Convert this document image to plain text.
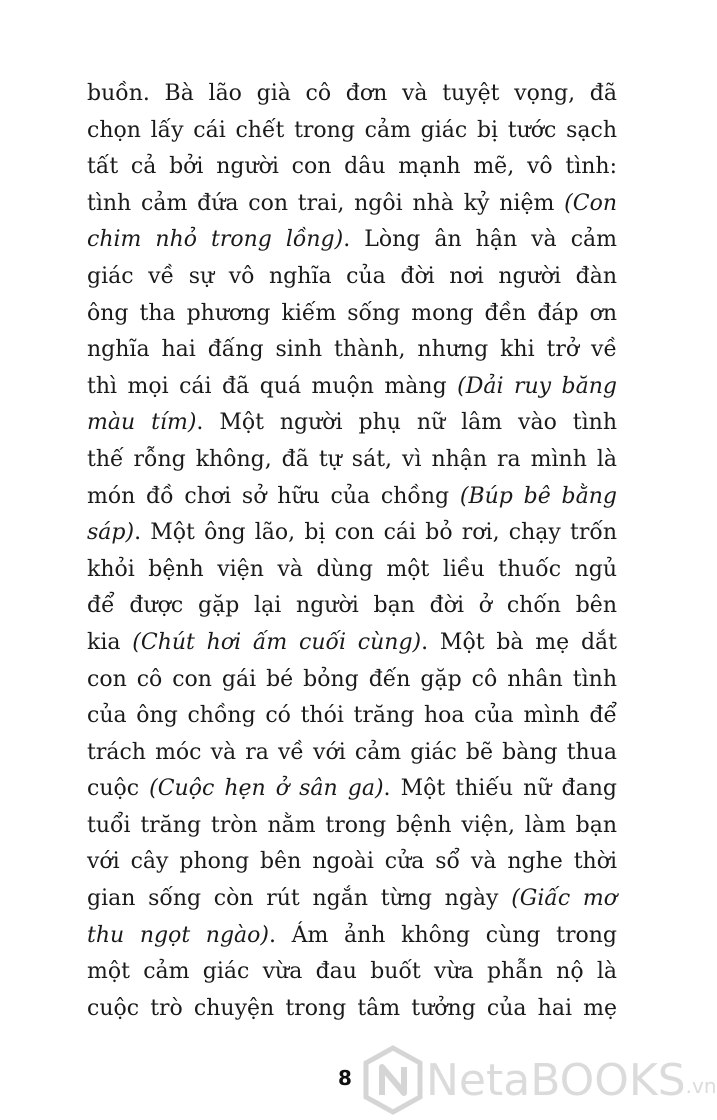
buồn. Bà lão già cô đơn và tuyệt vọng, đã
chọn lấy cái chết trong cảm giác bị tước sạch
tất cả bởi người con dâu mạnh mẽ, vô tình:
tình cảm đứa con trai, ngôi nhà kỷ niệm (Con
chim nhỏ trong lồng). Lòng ân hận và cảm
giác về sự vô nghĩa của đời nơi người đàn
ông tha phương kiếm sống mong đền đáp ơn
nghĩa hai đấng sinh thành, nhưng khi trở về
thì mọi cái đã quá muộn màng (Dải ruy băng
màu tím). Một người phụ nữ lâm vào tình
thế rỗng không, đã tự sát, vì nhận ra mình là
món đồ chơi sở hữu của chồng (Búp bê bằng
sáp). Một ông lão, bị con cái bỏ rơi, chạy trốn
khỏi bệnh viện và dùng một liều thuốc ngủ
để được gặp lại người bạn đời ở chốn bên
kia (Chút hơi ấm cuối cùng). Một bà mẹ dắt
con cô con gái bé bỏng đến gặp cô nhân tình
của ông chồng có thói trăng hoa của mình để
trách móc và ra về với cảm giác bẽ bàng thua
cuộc (Cuộc hẹn ở sân ga). Một thiếu nữ đang
tuổi trăng tròn nằm trong bệnh viện, làm bạn
với cây phong bên ngoài cửa sổ và nghe thời
gian sống còn rút ngắn từng ngày (Giấc mơ
thu ngọt ngào). Ám ảnh không cùng trong
một cảm giác vừa đau buốt vừa phẫn nộ là
cuộc trò chuyện trong tâm tưởng của hai mẹ
8 NetaBOOKS .vn
